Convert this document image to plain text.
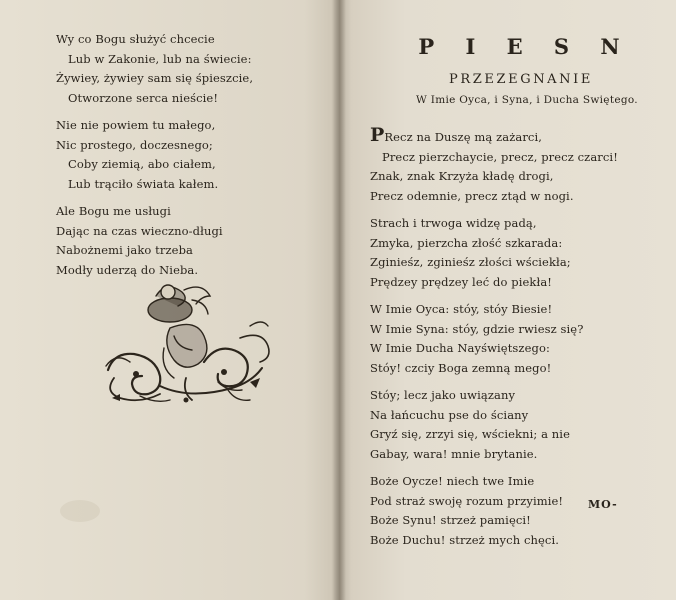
Wy co Bogu służyć chcecie
Lub w Zakonie, lub na świecie:
Żywiey, żywiey sam się śpieszcie,
Otworzone serca nieście!
Nie nie powiem tu małego,
Nic prostego, doczesnego;
Coby ziemią, abo ciałem,
Lub trąciło świata kałem.
Ale Bogu me usługi
Dając na czas wieczno-długi
Nabożnemi jako trzeba
Modły uderzą do Nieba.
P I E S N
PRZEZEGNANIE
W Imie Oyca, i Syna, i Ducha Swiętego.
PRecz na Duszę mą zażarci,
Precz pierzchaycie, precz, precz czarci!
Znak, znak Krzyża kładę drogi,
Precz odemnie, precz ztąd w nogi.
Strach i trwoga widzę padą,
Zmyka, pierzcha złość szkarada:
Zginieśz, zginieśz złości wściekła;
Prędzey prędzey leć do piekła!
W Imie Oyca: stóy, stóy Biesie!
W Imie Syna: stóy, gdzie rwiesz się?
W Imie Ducha Nayświętszego:
Stóy! czciy Boga zemną mego!
Stóy; lecz jako uwiązany
Na łańcuchu pse do ściany
Gryź się, zrzyi się, wściekni; a nie
Gabay, wara! mnie brytanie.
Boże Oycze! niech twe Imie
Pod straż swoję rozum przyimie!
Boże Synu! strzeż pamięci!
Boże Duchu! strzeż mych chęci.
MO-
